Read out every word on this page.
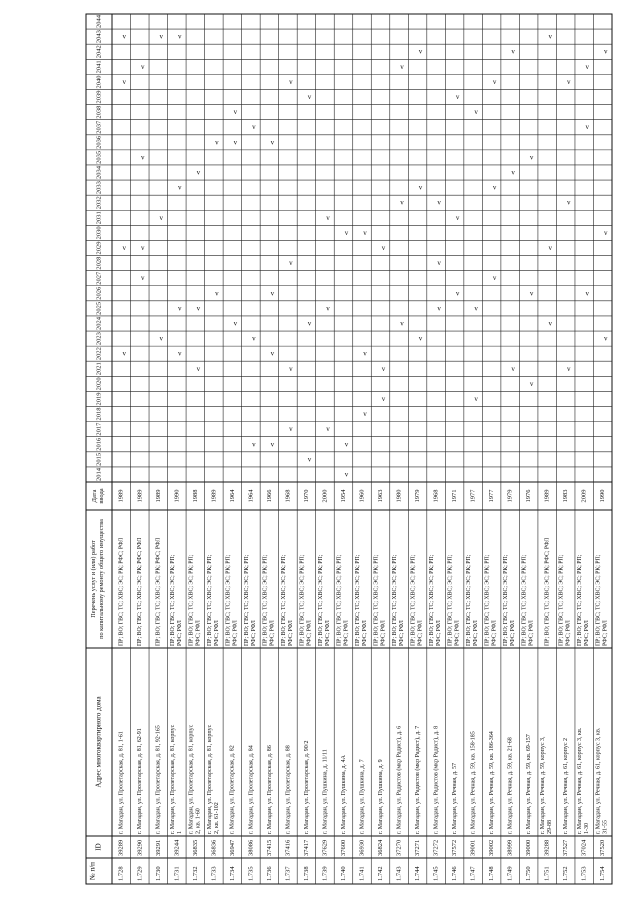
№ п/п
ID
Адрес многоквартирного дома
Перечень услуг и (или) работпо капитальному ремонту общего имущества
Датаввода
2014
2015
2016
2017
2018
2019
2020
2021
2022
2023
2024
2025
2026
2027
2028
2029
2030
2031
2032
2033
2034
2035
2036
2037
2038
2039
2040
2041
2042
2043
2044
1.728
39289
г. Магадан, ул. Пролетарская, д. 81, 1-61
ПР; ВО; ГВС; ТС; ХВС; ЭС; РК; РФС; РФЛ
1989
v
v
v
v
1.729
39290
г. Магадан, ул. Пролетарская, д. 81, 62-91
ПР; ВО; ГВС; ТС; ХВС; ЭС; РК; РФС; РФЛ
1989
v
v
v
v
1.730
39291
г. Магадан, ул. Пролетарская, д. 81, 92-165
ПР; ВО; ГВС; ТС; ХВС; ЭС; РК; РФС; РФЛ
1989
v
v
v
1.731
39244
г. Магадан, ул. Пролетарская, д. 81, корпус1
ПР; ВО; ГВС; ТС; ХВС; ЭС; РК; РП;РФС; РФЛ
1990
v
v
v
v
1.732
36835
г. Магадан, ул. Пролетарская, д. 81, корпус2, кв. 1-60
ПР; ВО; ГВС; ТС; ХВС; ЭС; РК; РП;РФС; РФЛ
1988
v
v
v
1.733
36836
г. Магадан, ул. Пролетарская, д. 81, корпус2, кв. 61-102
ПР; ВО; ГВС; ТС; ХВС; ЭС; РК; РП;РФС; РФЛ
1989
v
v
1.734
36947
г. Магадан, ул. Пролетарская, д. 82
ПР; ВО; ГВС; ТС; ХВС; ЭС; РК; РП;РФС; РФЛ
1964
v
v
v
1.735
38086
г. Магадан, ул. Пролетарская, д. 84
ПР; ВО; ГВС; ТС; ХВС; ЭС; РК; РП;РФС; РФЛ
1964
v
v
v
1.736
37415
г. Магадан, ул. Пролетарская, д. 86
ПР; ВО; ГВС; ТС; ХВС; ЭС; РК; РП;РФС; РФЛ
1966
v
v
v
v
1.737
37416
г. Магадан, ул. Пролетарская, д. 88
ПР; ВО; ГВС; ТС; ХВС; ЭС; РК; РП;РФС; РФЛ
1968
v
v
v
v
1.738
37417
г. Магадан, ул. Пролетарская, д. 90/2
ПР; ВО; ГВС; ТС; ХВС; ЭС; РК; РП;РФС; РФЛ
1970
v
v
v
1.739
37629
г. Магадан, ул. Пушкина, д. 11/11
ПР; ВО; ГВС; ТС; ХВС; ЭС; РК; РП;РФС; РФЛ
2000
v
v
v
1.740
37600
г. Магадан, ул. Пушкина, д. 4А
ПР; ВО; ГВС; ТС; ХВС; ЭС; РК; РП;РФС; РФЛ
1954
v
v
v
1.741
36930
г. Магадан, ул. Пушкина, д. 7
ПР; ВО; ГВС; ТС; ХВС; ЭС; РК; РП;РФС; РФЛ
1960
v
v
v
1.742
36824
г. Магадан, ул. Пушкина, д. 9
ПР; ВО; ГВС; ТС; ХВС; ЭС; РК; РП;РФС; РФЛ
1963
v
v
v
1.743
37270
г. Магадан, ул. Радистов (мкр Радист), д. 6
ПР; ВО; ГВС; ТС; ХВС; ЭС; РК; РП;РФС; РФЛ
1980
v
v
v
1.744
37271
г. Магадан, ул. Радистов (мкр Радист), д. 7
ПР; ВО; ГВС; ТС; ХВС; ЭС; РК; РП;РФС; РФЛ
1979
v
v
v
1.745
37272
г. Магадан, ул. Радистов (мкр Радист), д. 8
ПР; ВО; ГВС; ТС; ХВС; ЭС; РК; РП;РФС; РФЛ
1968
v
v
v
1.746
37572
г. Магадан, ул. Речная, д. 57
ПР; ВО; ГВС; ТС; ХВС; ЭС; РК; РП;РФС; РФЛ
1971
v
v
v
1.747
39001
г. Магадан, ул. Речная, д. 59, кв. 158-185
ПР; ВО; ГВС; ТС; ХВС; ЭС; РК; РП;РФС; РФЛ
1977
v
v
v
1.748
39002
г. Магадан, ул. Речная, д. 59, кв. 186-364
ПР; ВО; ГВС; ТС; ХВС; ЭС; РК; РП;РФС; РФЛ
1977
v
v
v
1.749
38999
г. Магадан, ул. Речная, д. 59, кв. 21-68
ПР; ВО; ГВС; ТС; ХВС; ЭС; РК; РП;РФС; РФЛ
1979
v
v
v
1.750
39000
г. Магадан, ул. Речная, д. 59, кв. 69-157
ПР; ВО; ГВС; ТС; ХВС; ЭС; РК; РП;РФС; РФЛ
1976
v
v
v
1.751
39288
г. Магадан, ул. Речная, д. 59, корпус 3,29-88
ПР; ВО; ГВС; ТС; ХВС; ЭС; РК; РФС; РФЛ
1989
v
v
v
1.752
37527
г. Магадан, ул. Речная, д. 61, корпус 2
ПР; ВО; ГВС; ТС; ХВС; ЭС; РК; РП;РФС; РФЛ
1983
v
v
v
1.753
37024
г. Магадан, ул. Речная, д. 61, корпус 3, кв.1-30
ПР; ВО; ГВС; ТС; ХВС; ЭС; РК; РП;РФС; РФЛ
2009
v
v
v
1.754
37520
г. Магадан, ул. Речная, д. 61, корпус 3, кв.31-55
ПР; ВО; ГВС; ТС; ХВС; ЭС; РК; РП;РФС; РФЛ
1990
v
v
v
